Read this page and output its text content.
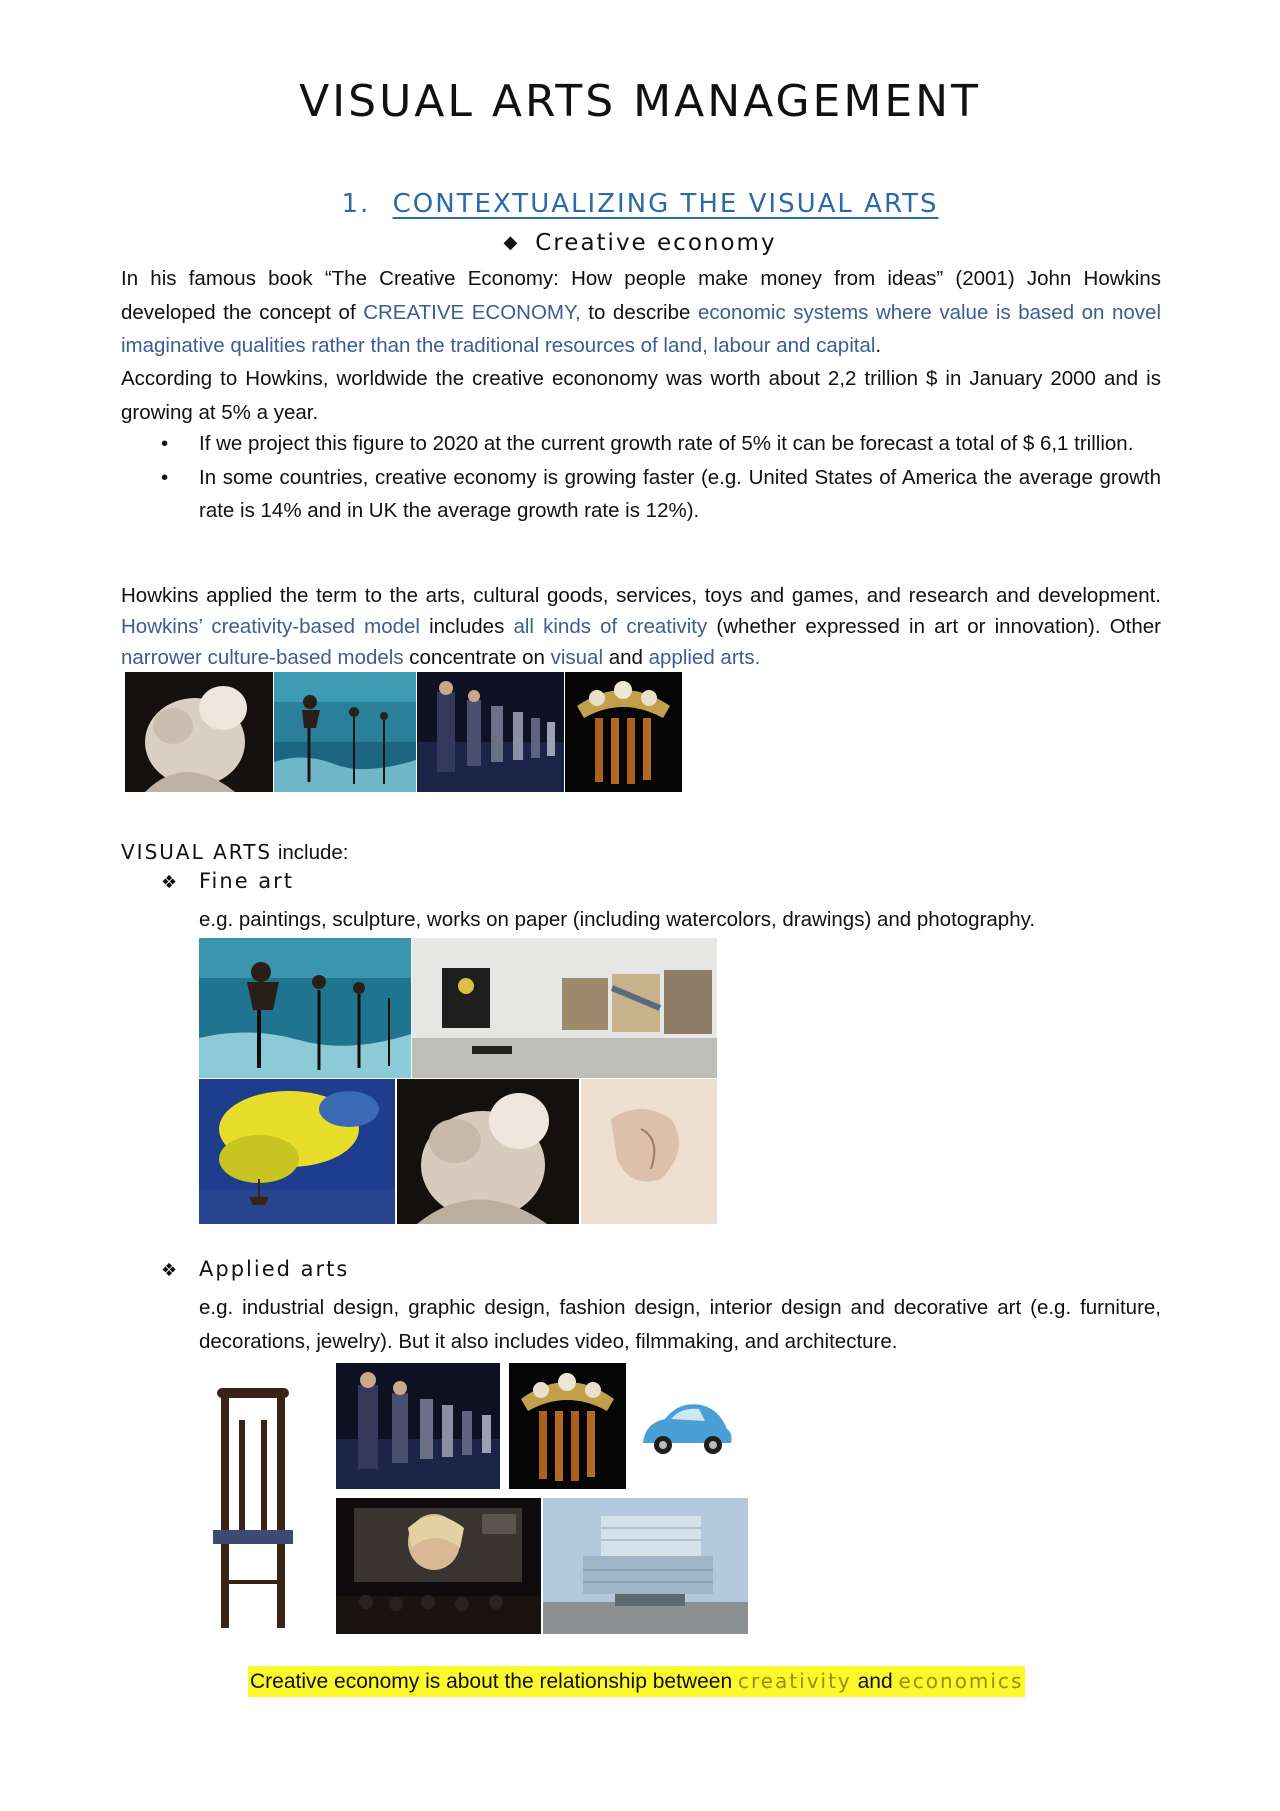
VISUAL ARTS MANAGEMENT
1. CONTEXTUALIZING THE VISUAL ARTS
◆ Creative economy
In his famous book “The Creative Economy: How people make money from ideas” (2001) John Howkins developed the concept of CREATIVE ECONOMY, to describe economic systems where value is based on novel imaginative qualities rather than the traditional resources of land, labour and capital.
According to Howkins, worldwide the creative econonomy was worth about 2,2 trillion $ in January 2000 and is growing at 5% a year.
• If we project this figure to 2020 at the current growth rate of 5% it can be forecast a total of $ 6,1 trillion.
• In some countries, creative economy is growing faster (e.g. United States of America the average growth rate is 14% and in UK the average growth rate is 12%).
Howkins applied the term to the arts, cultural goods, services, toys and games, and research and development. Howkins’ creativity-based model includes all kinds of creativity (whether expressed in art or innovation). Other narrower culture-based models concentrate on visual and applied arts.
VISUAL ARTS include:
❖ Fine art
e.g. paintings, sculpture, works on paper (including watercolors, drawings) and photography.
❖ Applied arts
e.g. industrial design, graphic design, fashion design, interior design and decorative art (e.g. furniture, decorations, jewelry). But it also includes video, filmmaking, and architecture.
Creative economy is about the relationship between creativity and economics
